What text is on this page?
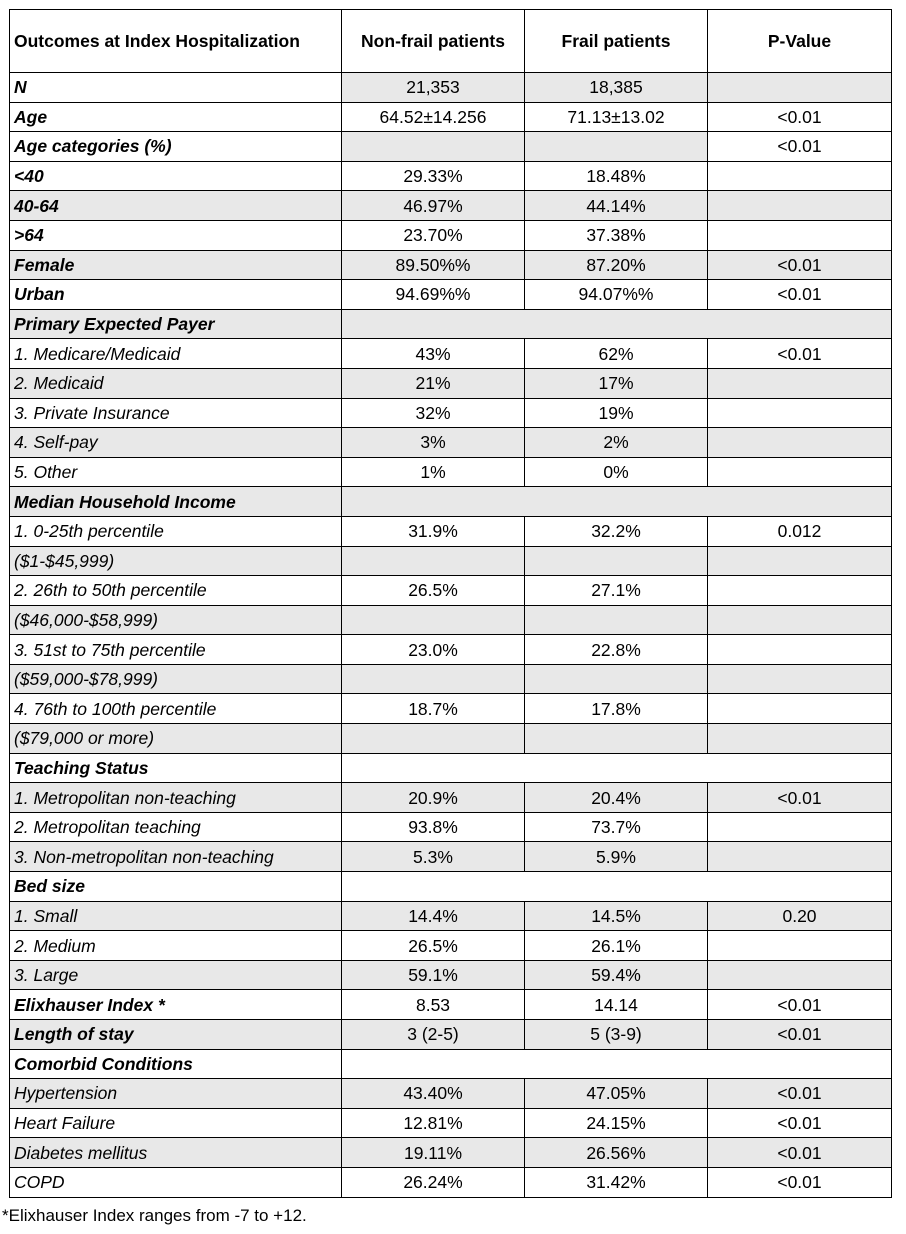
Outcomes at Index Hospitalization	Non-frail patients	Frail patients	P-Value
N	21,353	18,385	
Age	64.52±14.256	71.13±13.02	<0.01
Age categories (%)			<0.01
<40	29.33%	18.48%	
40-64	46.97%	44.14%	
>64	23.70%	37.38%	
Female	89.50%%	87.20%	<0.01
Urban	94.69%%	94.07%%	<0.01
Primary Expected Payer			
1. Medicare/Medicaid	43%	62%	<0.01
2. Medicaid	21%	17%	
3. Private Insurance	32%	19%	
4. Self-pay	3%	2%	
5. Other	1%	0%	
Median Household Income			
1. 0-25th percentile	31.9%	32.2%	0.012
($1-$45,999)			
2. 26th to 50th percentile	26.5%	27.1%	
($46,000-$58,999)			
3. 51st to 75th percentile	23.0%	22.8%	
($59,000-$78,999)			
4. 76th to 100th percentile	18.7%	17.8%	
($79,000 or more)			
Teaching Status			
1. Metropolitan non-teaching	20.9%	20.4%	<0.01
2. Metropolitan teaching	93.8%	73.7%	
3. Non-metropolitan non-teaching	5.3%	5.9%	
Bed size			
1. Small	14.4%	14.5%	0.20
2. Medium	26.5%	26.1%	
3. Large	59.1%	59.4%	
Elixhauser Index *	8.53	14.14	<0.01
Length of stay	3 (2-5)	5 (3-9)	<0.01
Comorbid Conditions			
Hypertension	43.40%	47.05%	<0.01
Heart Failure	12.81%	24.15%	<0.01
Diabetes mellitus	19.11%	26.56%	<0.01
COPD	26.24%	31.42%	<0.01
*Elixhauser Index ranges from -7 to +12.
